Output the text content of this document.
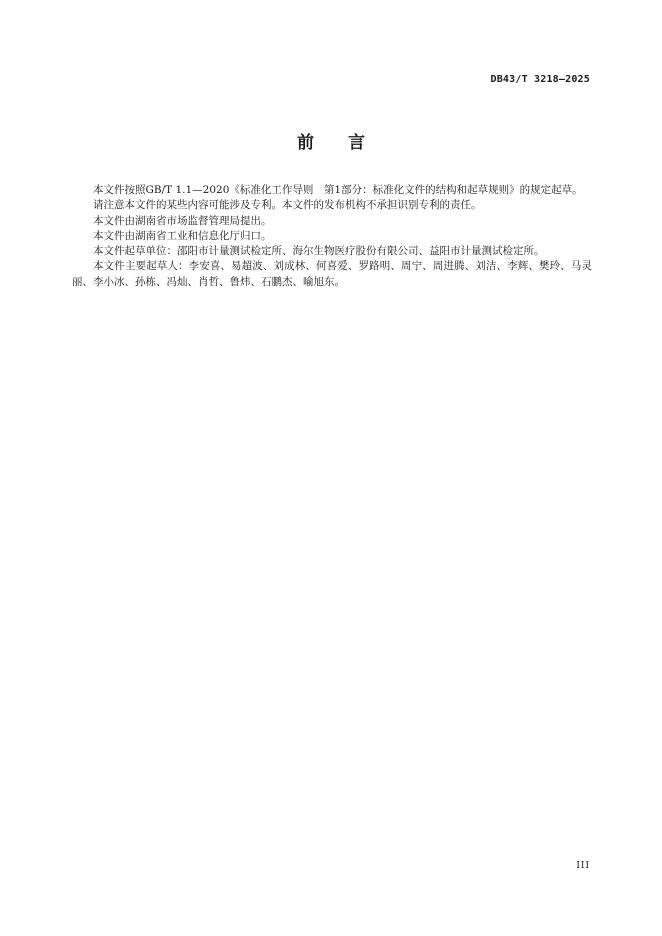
DB43/T 3218—2025
前 言

本文件按照GB/T 1.1—2020《标准化工作导则　第1部分：标准化文件的结构和起草规则》的规定起草。

请注意本文件的某些内容可能涉及专利。本文件的发布机构不承担识别专利的责任。

本文件由湖南省市场监督管理局提出。

本文件由湖南省工业和信息化厅归口。

本文件起草单位：邵阳市计量测试检定所、海尔生物医疗股份有限公司、益阳市计量测试检定所。

本文件主要起草人：李安喜、易超波、刘成林、何喜爱、罗路明、周宁、周进腾、刘洁、李辉、樊玲、马灵丽、李小冰、孙栋、冯灿、肖哲、鲁炜、石鹏杰、喻旭东。

III
